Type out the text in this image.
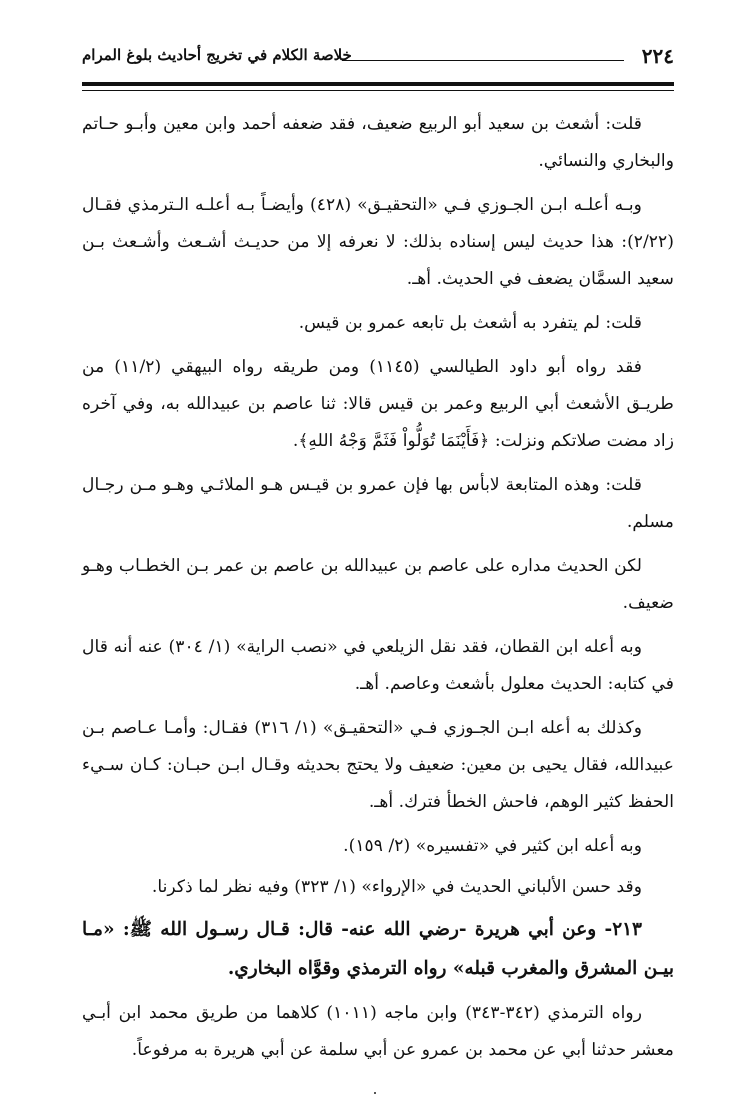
٢٢٤
خلاصة الكلام في تخريج أحاديث بلوغ المرام

قلت: أشعث بن سعيد أبو الربيع ضعيف، فقد ضعفه أحمد وابن معين وأبـو حـاتم والبخاري والنسائي.

وبـه أعلـه ابـن الجـوزي فـي «التحقيـق» (٤٢٨) وأيضـاً بـه أعلـه الـترمذي فقـال (٢/٢٢): هذا حديث ليس إسناده بذلك: لا نعرفه إلا من حديـث أشـعث وأشـعث بـن سعيد السمَّان يضعف في الحديث. أهـ.

قلت: لم يتفرد به أشعث بل تابعه عمرو بن قيس.

فقد رواه أبو داود الطيالسي (١١٤٥) ومن طريقه رواه البيهقي (١١/٢) من طريـق الأشعث أبي الربيع وعمر بن قيس قالا: ثنا عاصم بن عبيدالله به، وفي آخره زاد مضت صلاتكم ونزلت: ﴿فَأَيْنَمَا تُوَلُّواْ فَثَمَّ وَجْهُ اللهِ﴾.

قلت: وهذه المتابعة لابأس بها فإن عمرو بن قيـس هـو الملائـي وهـو مـن رجـال مسلم.

لكن الحديث مداره على عاصم بن عبيدالله بن عاصم بن عمر بـن الخطـاب وهـو ضعيف.

وبه أعله ابن القطان، فقد نقل الزيلعي في «نصب الراية» (١/ ٣٠٤) عنه أنه قال في كتابه: الحديث معلول بأشعث وعاصم. أهـ.

وكذلك به أعله ابـن الجـوزي فـي «التحقيـق» (١/ ٣١٦) فقـال: وأمـا عـاصم بـن عبيدالله، فقال يحيى بن معين: ضعيف ولا يحتج بحديثه وقـال ابـن حبـان: كـان سـيء الحفظ كثير الوهم، فاحش الخطأ فترك. أهـ.

وبه أعله ابن كثير في «تفسيره» (٢/ ١٥٩).

وقد حسن الألباني الحديث في «الإرواء» (١/ ٣٢٣) وفيه نظر لما ذكرنا.

٢١٣- وعن أبي هريرة -رضي الله عنه- قال: قـال رسـول الله ﷺ: «مـا بيـن المشرق والمغرب قبله» رواه الترمذي وقوَّاه البخاري.

رواه الترمذي (٣٤٢-٣٤٣) وابن ماجه (١٠١١) كلاهما من طريق محمد ابن أبـي معشر حدثنا أبي عن محمد بن عمرو عن أبي سلمة عن أبي هريرة به مرفوعاً.
